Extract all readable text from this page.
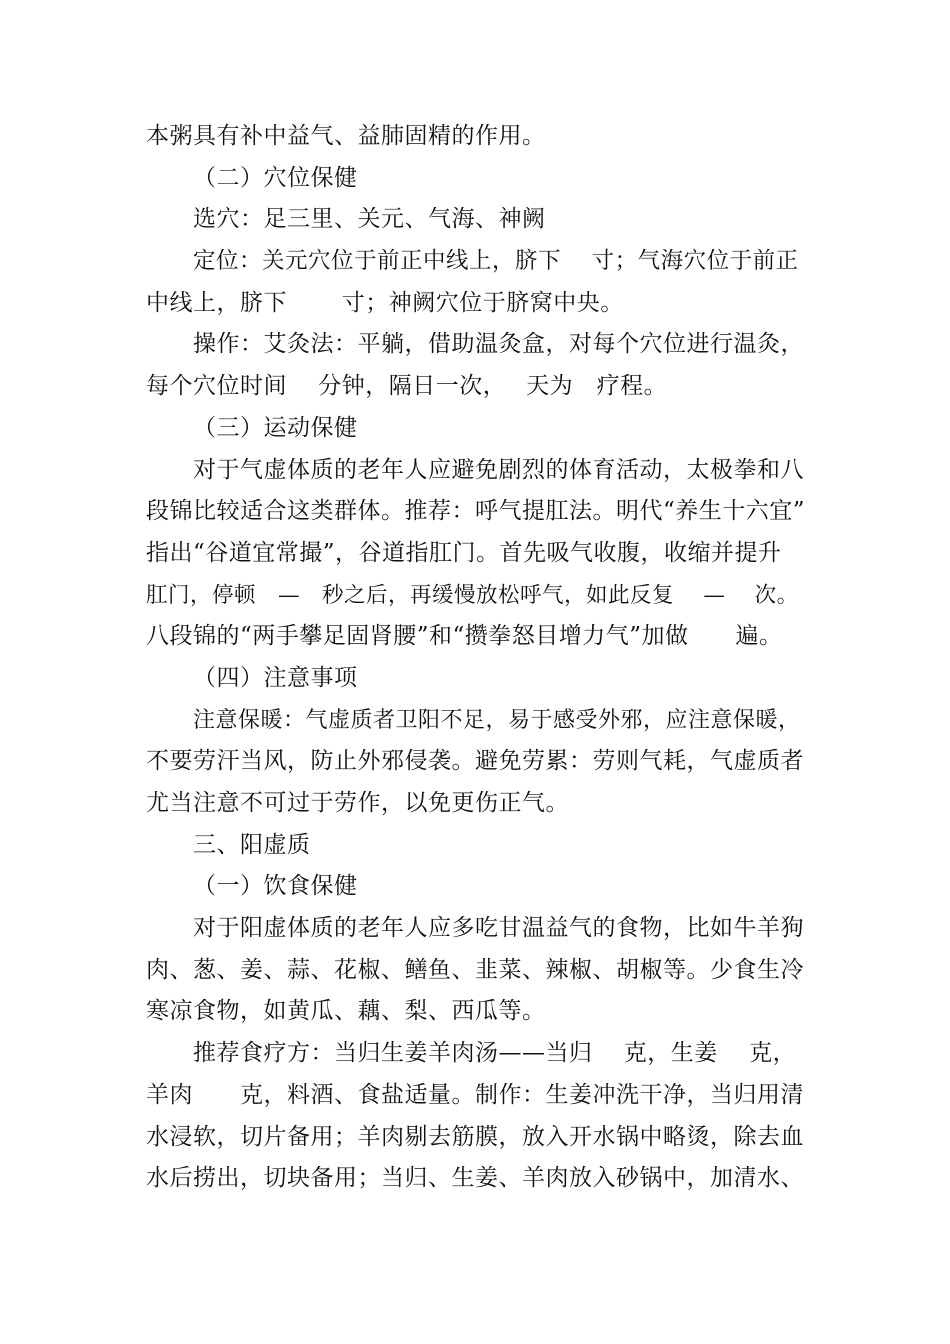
本粥具有补中益气、益肺固精的作用。
（二）穴位保健
选穴：足三里、关元、气海、神阙
定位：关元穴位于前正中线上，脐下　 寸；气海穴位于前正
中线上，脐下　　 寸；神阙穴位于脐窝中央。
操作：艾灸法：平躺，借助温灸盒，对每个穴位进行温灸，
每个穴位时间　 分钟，隔日一次，　 天为　疗程。
（三）运动保健
对于气虚体质的老年人应避免剧烈的体育活动，太极拳和八
段锦比较适合这类群体。推荐：呼气提肛法。明代“养生十六宜”
指出“谷道宜常撮”，谷道指肛门。首先吸气收腹，收缩并提升
肛门，停顿　—　秒之后，再缓慢放松呼气，如此反复　 —　 次。
八段锦的“两手攀足固肾腰”和“攒拳怒目增力气”加做　　遍。
（四）注意事项
注意保暖：气虚质者卫阳不足，易于感受外邪，应注意保暖，
不要劳汗当风，防止外邪侵袭。避免劳累：劳则气耗，气虚质者
尤当注意不可过于劳作，以免更伤正气。
三、阳虚质
（一）饮食保健
对于阳虚体质的老年人应多吃甘温益气的食物，比如牛羊狗
肉、葱、姜、蒜、花椒、鳝鱼、韭菜、辣椒、胡椒等。少食生冷
寒凉食物，如黄瓜、藕、梨、西瓜等。
推荐食疗方：当归生姜羊肉汤——当归　 克，生姜　 克，
羊肉　　克，料酒、食盐适量。制作：生姜冲洗干净，当归用清
水浸软，切片备用；羊肉剔去筋膜，放入开水锅中略烫，除去血
水后捞出，切块备用；当归、生姜、羊肉放入砂锅中，加清水、
